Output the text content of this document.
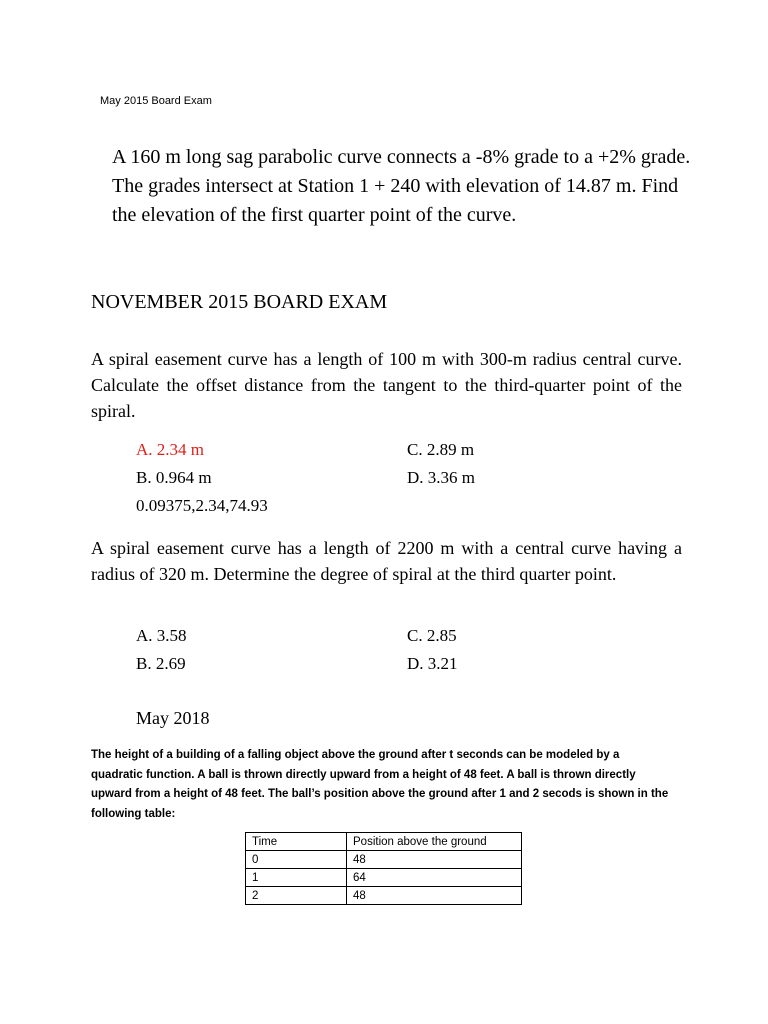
May 2015 Board Exam

A 160 m long sag parabolic curve connects a -8% grade to a +2% grade. The grades intersect at Station 1 + 240 with elevation of 14.87 m. Find the elevation of the first quarter point of the curve.

NOVEMBER 2015 BOARD EXAM

A spiral easement curve has a length of 100 m with 300-m radius central curve. Calculate the offset distance from the tangent to the third-quarter point of the spiral.

A. 2.34 m	C. 2.89 m
B. 0.964 m	D. 3.36 m
0.09375,2.34,74.93

A spiral easement curve has a length of 2200 m with a central curve having a radius of 320 m. Determine the degree of spiral at the third quarter point.

A. 3.58	C. 2.85
B. 2.69	D. 3.21

May 2018

The height of a building of a falling object above the ground after t seconds can be modeled by a quadratic function. A ball is thrown directly upward from a height of 48 feet. A ball is thrown directly upward from a height of 48 feet. The ball’s position above the ground after 1 and 2 secods is shown in the following table:

Time	Position above the ground
0	48
1	64
2	48
